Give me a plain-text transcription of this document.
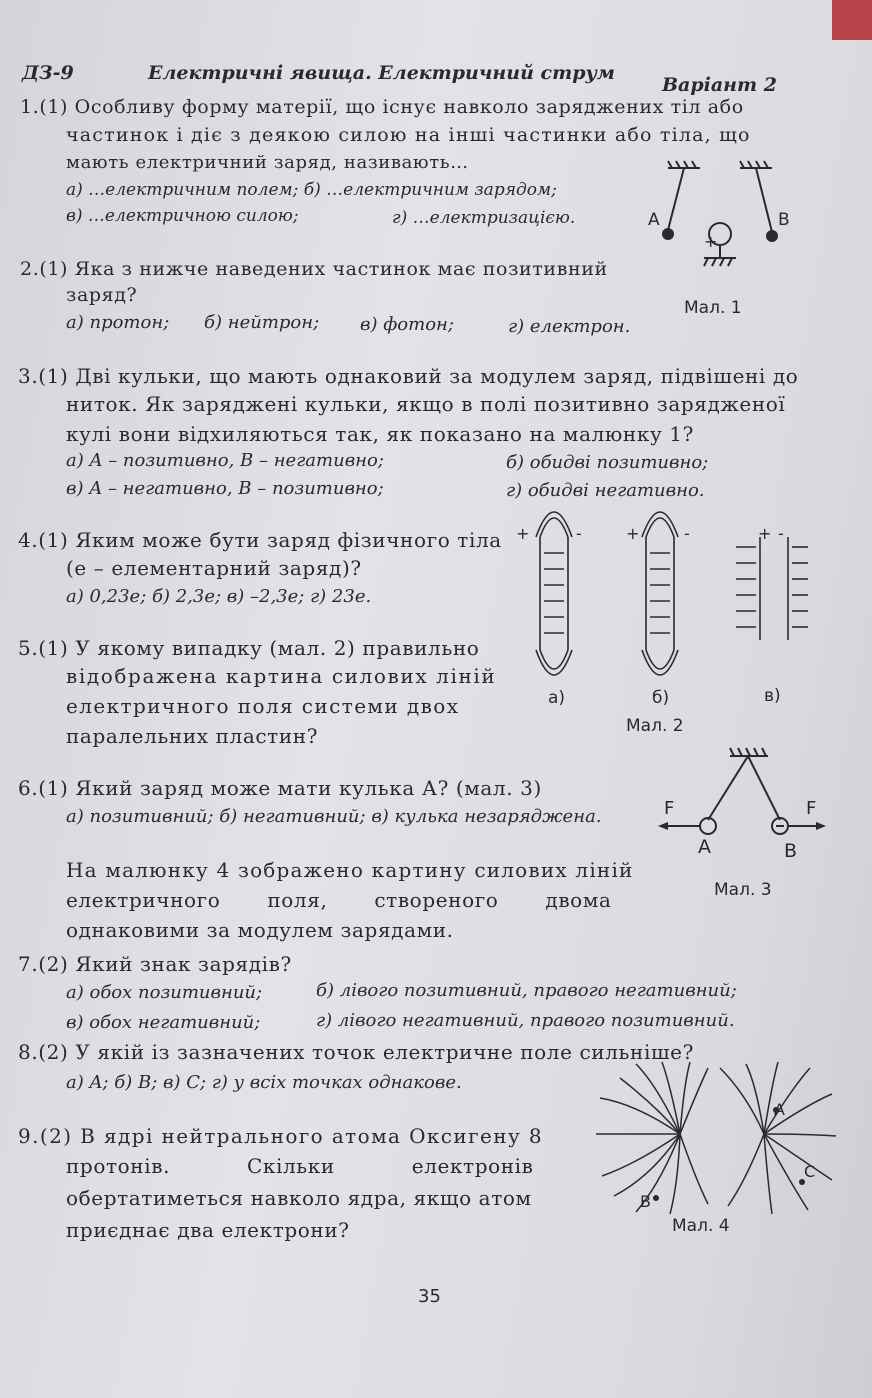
ДЗ-9	Електричні явища. Електричний струм
Варіант 2
1.(1) Особливу форму матерії, що існує навколо заряджених тіл або
частинок і діє з деякою силою на інші частинки або тіла, що
мають електричний заряд, називають…
а) …електричним полем; б) …електричним зарядом;
в) …електричною силою;	г) …електризацією.
+
A	B
Мал. 1
2.(1) Яка з нижче наведених частинок має позитивний
заряд?
а) протон; б) нейтрон; в) фотон;	г) електрон.
3.(1) Дві кульки, що мають однаковий за модулем заряд, підвішені до
ниток. Як заряджені кульки, якщо в полі позитивно зарядженої
кулі вони відхиляються так, як показано на малюнку 1?
а) A – позитивно, B – негативно;	б) обидві позитивно;
в) A – негативно, B – позитивно;	г) обидві негативно.
4.(1) Яким може бути заряд фізичного тіла
(е – елементарний заряд)?
а) 0,23е; б) 2,3е; в) –2,3е; г) 23е.
5.(1) У якому випадку (мал. 2) правильно
відображена картина силових ліній
електричного поля системи двох
паралельних пластин?
+	-	+	-	+ -
а)	б)	в)
Мал. 2
6.(1) Який заряд може мати кулька А? (мал. 3)
а) позитивний; б) негативний; в) кулька незаряджена.	F	F
A	B
Мал. 3
На малюнку 4 зображено картину силових ліній
електричного поля, створеного двома
однаковими за модулем зарядами.
7.(2) Який знак зарядів?
а) обох позитивний;	б) лівого позитивний, правого негативний;
в) обох негативний;	г) лівого негативний, правого позитивний.
8.(2) У якій із зазначених точок електричне поле сильніше?
а) A; б) B; в) C; г) у всіх точках однакове.
9.(2) В ядрі нейтрального атома Оксигену 8
протонів. Скільки електронів
обертатиметься навколо ядра, якщо атом
приєднає два електрони?
A
B
C
Мал. 4
35
